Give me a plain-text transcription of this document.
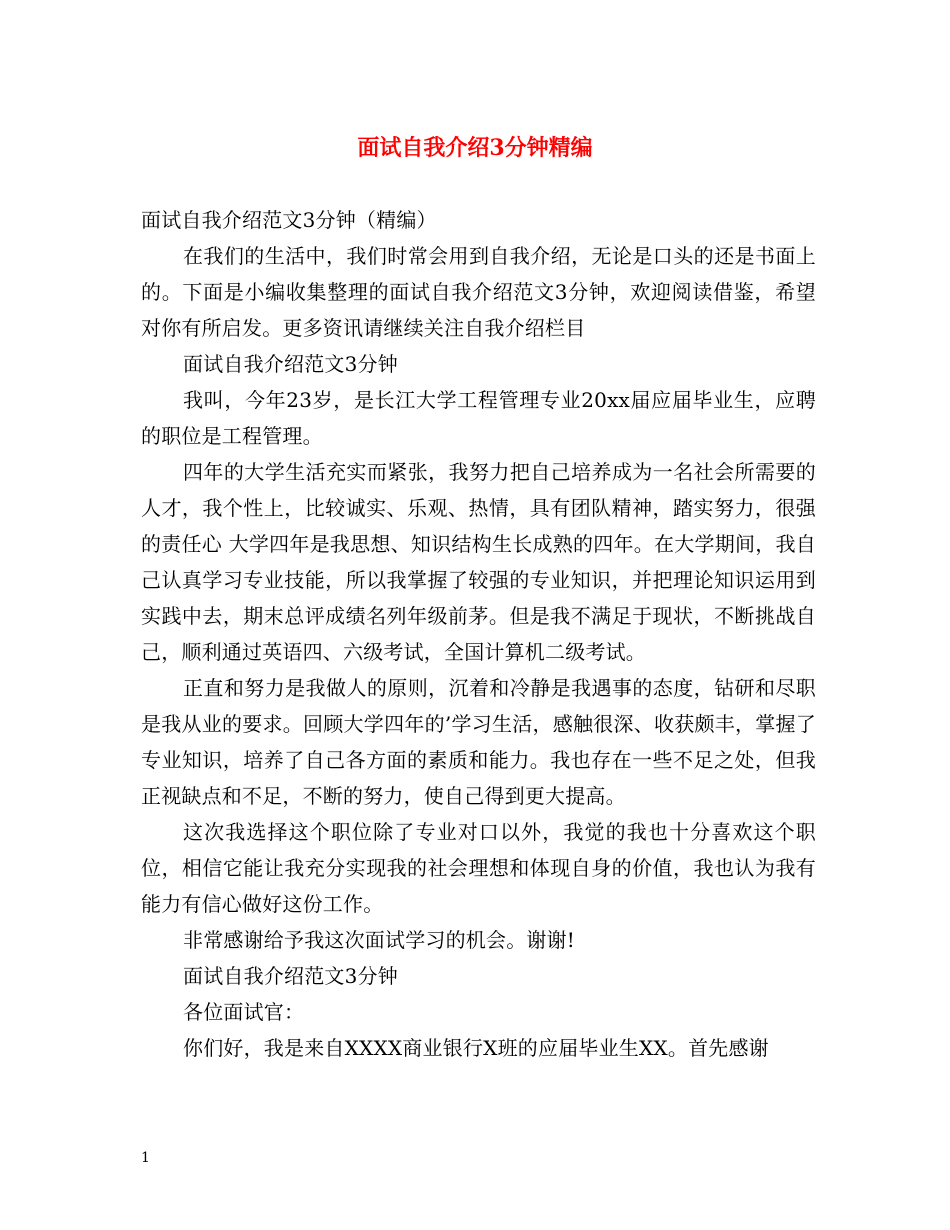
面试自我介绍3分钟精编

面试自我介绍范文3分钟（精编）

在我们的生活中，我们时常会用到自我介绍，无论是口头的还是书面上的。下面是小编收集整理的面试自我介绍范文3分钟，欢迎阅读借鉴，希望对你有所启发。更多资讯请继续关注自我介绍栏目

面试自我介绍范文3分钟

我叫，今年23岁，是长江大学工程管理专业20xx届应届毕业生，应聘的职位是工程管理。

四年的大学生活充实而紧张，我努力把自己培养成为一名社会所需要的人才，我个性上，比较诚实、乐观、热情，具有团队精神，踏实努力，很强的责任心 大学四年是我思想、知识结构生长成熟的四年。在大学期间，我自己认真学习专业技能，所以我掌握了较强的专业知识，并把理论知识运用到实践中去，期末总评成绩名列年级前茅。但是我不满足于现状，不断挑战自己，顺利通过英语四、六级考试，全国计算机二级考试。

正直和努力是我做人的原则，沉着和冷静是我遇事的态度，钻研和尽职是我从业的要求。回顾大学四年的’学习生活，感触很深、收获颇丰，掌握了专业知识，培养了自己各方面的素质和能力。我也存在一些不足之处，但我正视缺点和不足，不断的努力，使自己得到更大提高。

这次我选择这个职位除了专业对口以外，我觉的我也十分喜欢这个职位，相信它能让我充分实现我的社会理想和体现自身的价值，我也认为我有能力有信心做好这份工作。

非常感谢给予我这次面试学习的机会。谢谢!

面试自我介绍范文3分钟

各位面试官：

你们好，我是来自XXXX商业银行X班的应届毕业生XX。首先感谢

1
